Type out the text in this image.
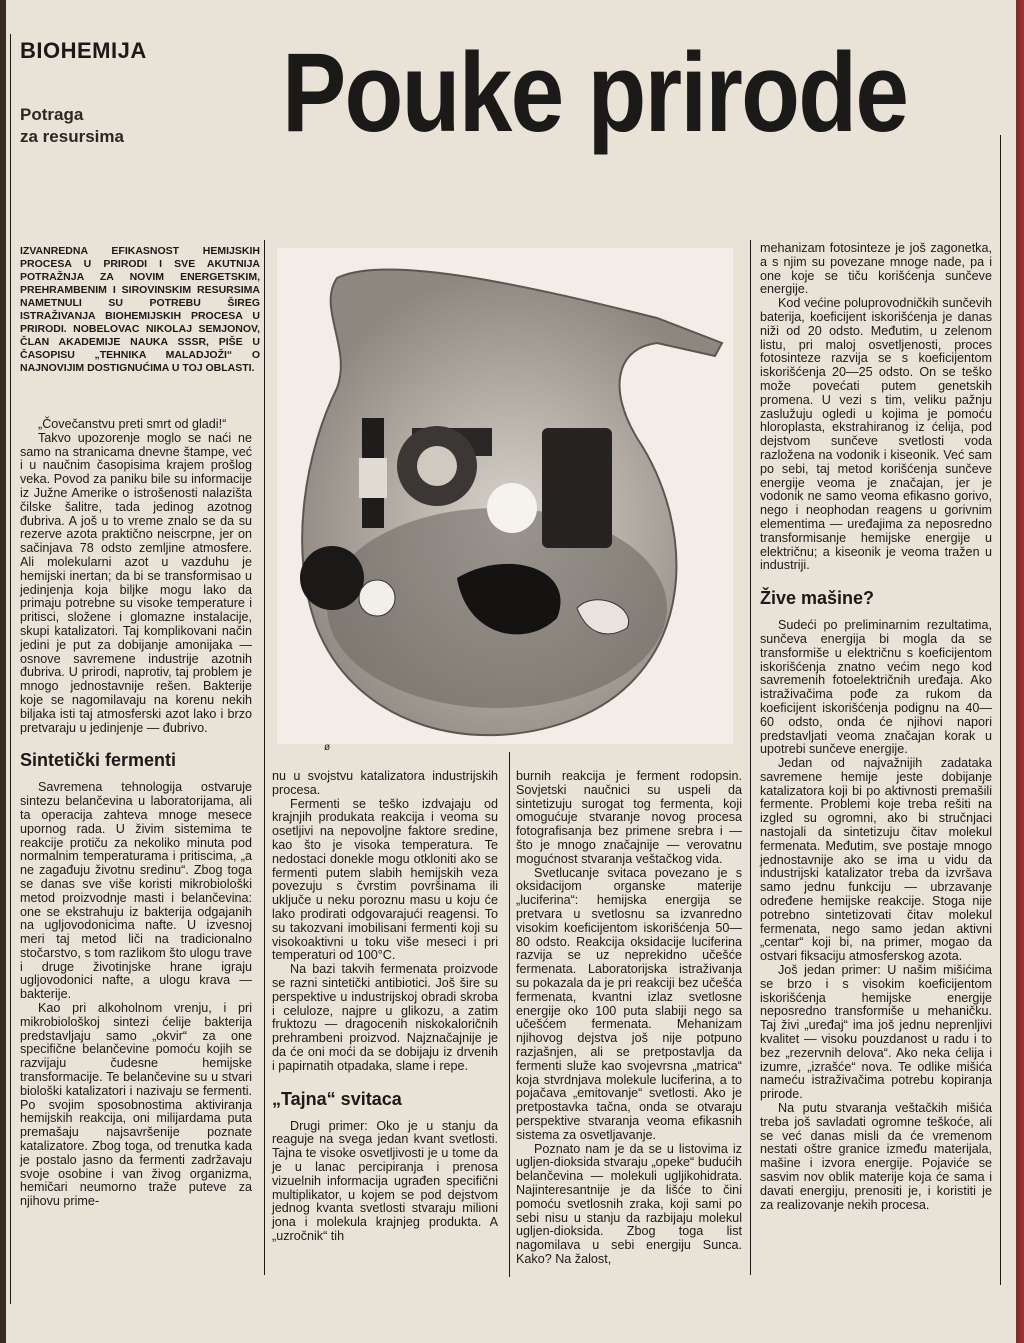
BIOHEMIJA
Potraga
za resursima Pouke prirode
IZVANREDNA EFIKASNOST HEMIJSKIH PROCESA U PRIRODI I SVE AKUTNIJA POTRAŽNJA ZA NOVIM ENERGETSKIM, PREHRAMBENIM I SIROVINSKIM RESURSIMA NAMETNULI SU POTREBU ŠIREG ISTRAŽIVANJA BIOHEMIJSKIH PROCESA U PRIRODI. NOBELOVAC NIKOLAJ SEMJONOV, ČLAN AKADEMIJE NAUKA SSSR, PIŠE U ČASOPISU „TEHNIKA MALADJOŽI“ O NAJNOVIJIM DOSTIGNUĆIMA U TOJ OBLASTI.

„Čovečanstvu preti smrt od gladi!“

Takvo upozorenje moglo se naći ne samo na stranicama dnevne štampe, već i u naučnim časopisima krajem prošlog veka. Povod za paniku bile su informacije iz Južne Amerike o istrošenosti nalazišta čilske šalitre, tada jedinog azotnog đubriva. A još u to vreme znalo se da su rezerve azota praktično neiscrpne, jer on sačinjava 78 odsto zemljine atmosfere. Ali molekularni azot u vazduhu je hemijski inertan; da bi se transformisao u jedinjenja koja biljke mogu lako da primaju potrebne su visoke temperature i pritisci, složene i glomazne instalacije, skupi katalizatori. Taj komplikovani način jedini je put za dobijanje amonijaka — osnove savremene industrije azotnih đubriva. U prirodi, naprotiv, taj problem je mnogo jednostavnije rešen. Bakterije koje se nagomilavaju na korenu nekih biljaka isti taj atmosferski azot lako i brzo pretvaraju u jedinjenje — đubrivo.

Sintetički fermenti

Savremena tehnologija ostvaruje sintezu belančevina u laboratorijama, ali ta operacija zahteva mnoge mesece upornog rada. U živim sistemima te reakcije protiču za nekoliko minuta pod normalnim temperaturama i pritiscima, „a ne zagađuju životnu sredinu“. Zbog toga se danas sve više koristi mikrobiološki metod proizvodnje masti i belančevina: one se ekstrahuju iz bakterija odgajanih na ugljovodonicima nafte. U izvesnoj meri taj metod liči na tradicionalno stočarstvo, s tom razlikom što ulogu trave i druge životinjske hrane igraju ugljovodonici nafte, a ulogu krava — bakterije.

Kao pri alkoholnom vrenju, i pri mikrobiološkoj sintezi ćelije bakterija predstavljaju samo „okvir“ za one specifične belančevine pomoću kojih se razvijaju čudesne hemijske transformacije. Te belančevine su u stvari biološki katalizatori i nazivaju se fermenti. Po svojim sposobnostima aktiviranja hemijskih reakcija, oni milijardama puta premašaju najsavršenije poznate katalizatore. Zbog toga, od trenutka kada je postalo jasno da fermenti zadržavaju svoje osobine i van živog organizma, hemičari neumorno traže puteve za njihovu prime-

ø

nu u svojstvu katalizatora industrijskih procesa.

Fermenti se teško izdvajaju od krajnjih produkata reakcija i veoma su osetljivi na nepovoljne faktore sredine, kao što je visoka temperatura. Te nedostaci donekle mogu otkloniti ako se fermenti putem slabih hemijskih veza povezuju s čvrstim površinama ili uključe u neku poroznu masu u koju će lako prodirati odgovarajući reagensi. To su takozvani imobilisani fermenti koji su visokoaktivni u toku više meseci i pri temperaturi od 100°C.

Na bazi takvih fermenata proizvode se razni sintetički antibiotici. Još šire su perspektive u industrijskoj obradi skroba i celuloze, najpre u glikozu, a zatim fruktozu — dragocenih niskokaloričnih prehrambeni proizvod. Najznačajnije je da će oni moći da se dobijaju iz drvenih i papirnatih otpadaka, slame i repe.

„Tajna“ svitaca

Drugi primer: Oko je u stanju da reaguje na svega jedan kvant svetlosti. Tajna te visoke osvetljivosti je u tome da je u lanac percipiranja i prenosa vizuelnih informacija ugrađen specifični multiplikator, u kojem se pod dejstvom jednog kvanta svetlosti stvaraju milioni jona i molekula krajnjeg produkta. A „uzročnik“ tih

burnih reakcija je ferment rodopsin. Sovjetski naučnici su uspeli da sintetizuju surogat tog fermenta, koji omogućuje stvaranje novog procesa fotografisanja bez primene srebra i — što je mnogo značajnije — verovatnu mogućnost stvaranja veštačkog vida.

Svetlucanje svitaca povezano je s oksidacijom organske materije „luciferina“: hemijska energija se pretvara u svetlosnu sa izvanredno visokim koeficijentom iskorišćenja 50—80 odsto. Reakcija oksidacije luciferina razvija se uz neprekidno učešće fermenata. Laboratorijska istraživanja su pokazala da je pri reakciji bez učešća fermenata, kvantni izlaz svetlosne energije oko 100 puta slabiji nego sa učešćem fermenata. Mehanizam njihovog dejstva još nije potpuno razjašnjen, ali se pretpostavlja da fermenti služe kao svojevrsna „matrica“ koja stvrdnjava molekule luciferina, a to pojačava „emitovanje“ svetlosti. Ako je pretpostavka tačna, onda se otvaraju perspektive stvaranja veoma efikasnih sistema za osvetljavanje.

Poznato nam je da se u listovima iz ugljen-dioksida stvaraju „opeke“ budućih belančevina — molekuli ugljikohidrata. Najinteresantnije je da lišće to čini pomoću svetlosnih zraka, koji sami po sebi nisu u stanju da razbijaju molekul ugljen-dioksida. Zbog toga list nagomilava u sebi energiju Sunca. Kako? Na žalost,

mehanizam fotosinteze je još zagonetka, a s njim su povezane mnoge nade, pa i one koje se tiču korišćenja sunčeve energije.

Kod većine poluprovodničkih sunčevih baterija, koeficijent iskorišćenja je danas niži od 20 odsto. Međutim, u zelenom listu, pri maloj osvetljenosti, proces fotosinteze razvija se s koeficijentom iskorišćenja 20—25 odsto. On se teško može povećati putem genetskih promena. U vezi s tim, veliku pažnju zaslužuju ogledi u kojima je pomoću hloroplasta, ekstrahiranog iz ćelija, pod dejstvom sunčeve svetlosti voda razložena na vodonik i kiseonik. Već sam po sebi, taj metod korišćenja sunčeve energije veoma je značajan, jer je vodonik ne samo veoma efikasno gorivo, nego i neophodan reagens u gorivnim elementima — uređajima za neposredno transformisanje hemijske energije u električnu; a kiseonik je veoma tražen u industriji.

Žive mašine?

Sudeći po preliminarnim rezultatima, sunčeva energija bi mogla da se transformiše u električnu s koeficijentom iskorišćenja znatno većim nego kod savremenih fotoelektričnih uređaja. Ako istraživačima pođe za rukom da koeficijent iskorišćenja podignu na 40—60 odsto, onda će njihovi napori predstavljati veoma značajan korak u upotrebi sunčeve energije.

Jedan od najvažnijih zadataka savremene hemije jeste dobijanje katalizatora koji bi po aktivnosti premašili fermente. Problemi koje treba rešiti na izgled su ogromni, ako bi stručnjaci nastojali da sintetizuju čitav molekul fermenata. Međutim, sve postaje mnogo jednostavnije ako se ima u vidu da industrijski katalizator treba da izvršava samo jednu funkciju — ubrzavanje određene hemijske reakcije. Stoga nije potrebno sintetizovati čitav molekul fermenata, nego samo jedan aktivni „centar“ koji bi, na primer, mogao da ostvari fiksaciju atmosferskog azota.

Još jedan primer: U našim mišićima se brzo i s visokim koeficijentom iskorišćenja hemijske energije neposredno transformiše u mehaničku. Taj živi „uređaj“ ima još jednu neprenljivi kvalitet — visoku pouzdanost u radu i to bez „rezervnih delova“. Ako neka ćelija i izumre, „izrašće“ nova. Te odlike mišića nameću istraživačima potrebu kopiranja prirode.

Na putu stvaranja veštačkih mišića treba još savladati ogromne teškoće, ali se već danas misli da će vremenom nestati oštre granice između materijala, mašine i izvora energije. Pojaviće se sasvim nov oblik materije koja će sama i davati energiju, prenositi je, i koristiti je za realizovanje nekih procesa.
